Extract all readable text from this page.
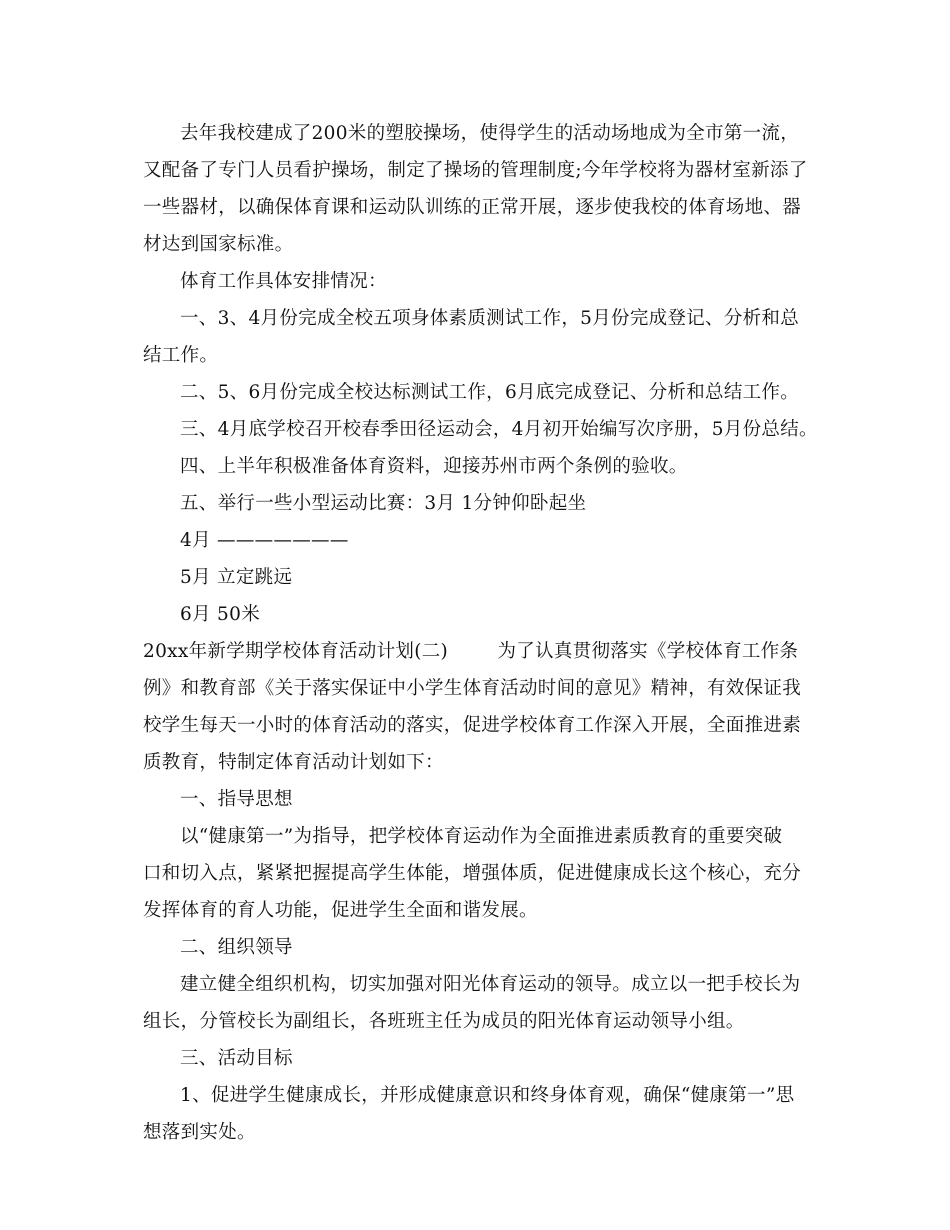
去年我校建成了200米的塑胶操场，使得学生的活动场地成为全市第一流，
又配备了专门人员看护操场，制定了操场的管理制度;今年学校将为器材室新添了
一些器材，以确保体育课和运动队训练的正常开展，逐步使我校的体育场地、器
材达到国家标准。
体育工作具体安排情况：
一、3、4月份完成全校五项身体素质测试工作，5月份完成登记、分析和总
结工作。
二、5、6月份完成全校达标测试工作，6月底完成登记、分析和总结工作。
三、4月底学校召开校春季田径运动会，4月初开始编写次序册，5月份总结。
四、上半年积极准备体育资料，迎接苏州市两个条例的验收。
五、举行一些小型运动比赛：3月 1分钟仰卧起坐
4月 ———————
5月 立定跳远
6月 50米
20xx年新学期学校体育活动计划(二)        为了认真贯彻落实《学校体育工作条
例》和教育部《关于落实保证中小学生体育活动时间的意见》精神，有效保证我
校学生每天一小时的体育活动的落实，促进学校体育工作深入开展，全面推进素
质教育，特制定体育活动计划如下：
一、指导思想
以“健康第一”为指导，把学校体育运动作为全面推进素质教育的重要突破
口和切入点，紧紧把握提高学生体能，增强体质，促进健康成长这个核心，充分
发挥体育的育人功能，促进学生全面和谐发展。
二、组织领导
建立健全组织机构，切实加强对阳光体育运动的领导。成立以一把手校长为
组长，分管校长为副组长，各班班主任为成员的阳光体育运动领导小组。
三、活动目标
1、促进学生健康成长，并形成健康意识和终身体育观，确保“健康第一”思
想落到实处。
